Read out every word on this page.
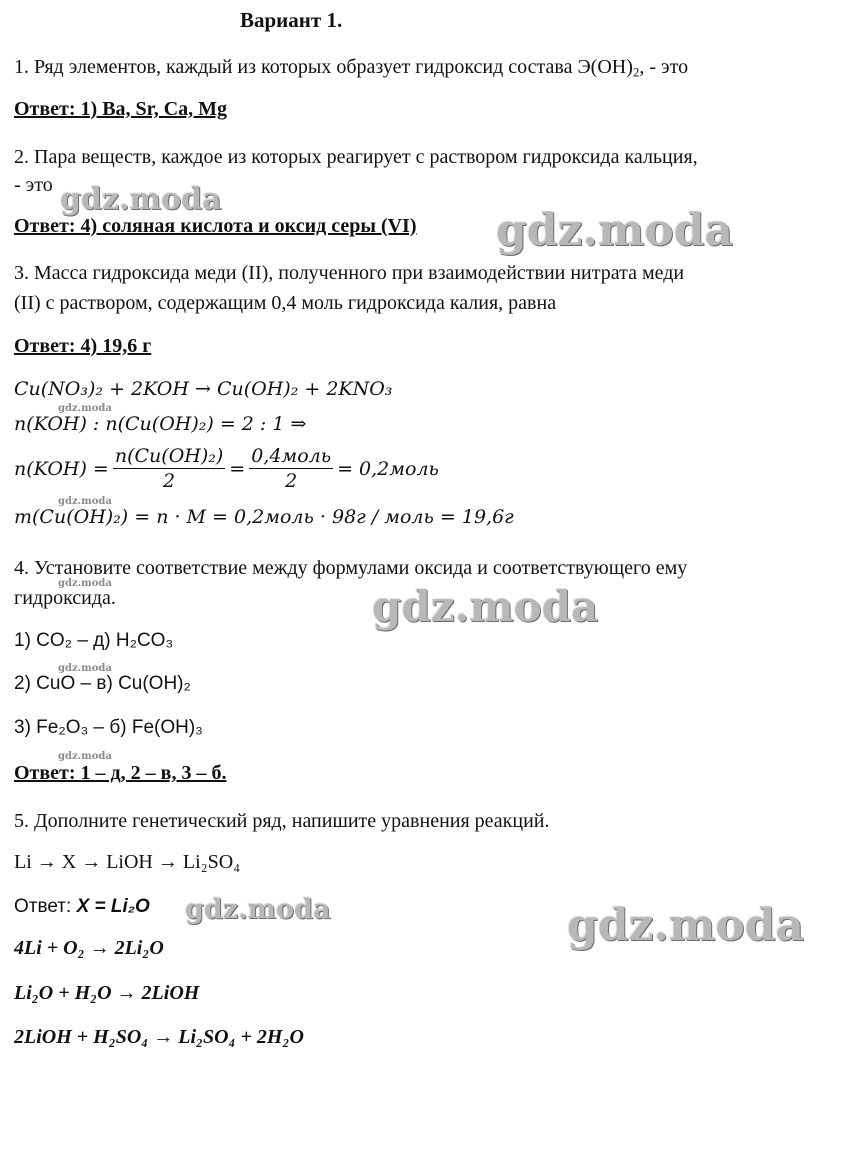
Вариант 1.
1. Ряд элементов, каждый из которых образует гидроксид состава $Э(ОН)_2$, - это
Ответ: 1) Ba, Sr, Ca, Mg
2. Пара веществ, каждое из которых реагирует с раствором гидроксида кальция,
- это
Ответ: 4) соляная кислота и оксид серы (VI)
3. Масса гидроксида меди (II), полученного при взаимодействии нитрата меди
(II) с раствором, содержащим 0,4 моль гидроксида калия, равна
Ответ: 4) 19,6 г
Cu(NO₃)₂ + 2KOH → Cu(OH)₂ + 2KNO₃
n(KOH) : n(Cu(OH)₂) = 2 : 1 ⇒
$n(KOH) = \frac{\text{n(Cu(OH)₂)}}{2} = \frac{\text{0,4моль}}{2}$ = 0,2моль
m(Cu(OH)₂) = n · M = 0,2моль · 98г / моль = 19,6г
4. Установите соответствие между формулами оксида и соответствующего ему
гидроксида.
1) CO₂ – д) H₂CO₃
2) CuO – в) Cu(OH)₂
3) Fe₂O₃ – б) Fe(OH)₃
Ответ: 1 – д, 2 – в, 3 – б.
5. Дополните генетический ряд, напишите уравнения реакций.
Li → X → LiOH → Li₂SO₄
Ответ: X = Li₂O
4Li + O₂ → 2Li₂O
Li₂O + H₂O → 2LiOH
2LiOH + H₂SO₄ → Li₂SO₄ + 2H₂O
gdz.moda
gdz.moda
gdz.moda
gdz.moda	gdz.moda
gdz.moda
gdz.moda
gdz.moda
gdz.moda
gdz.moda
